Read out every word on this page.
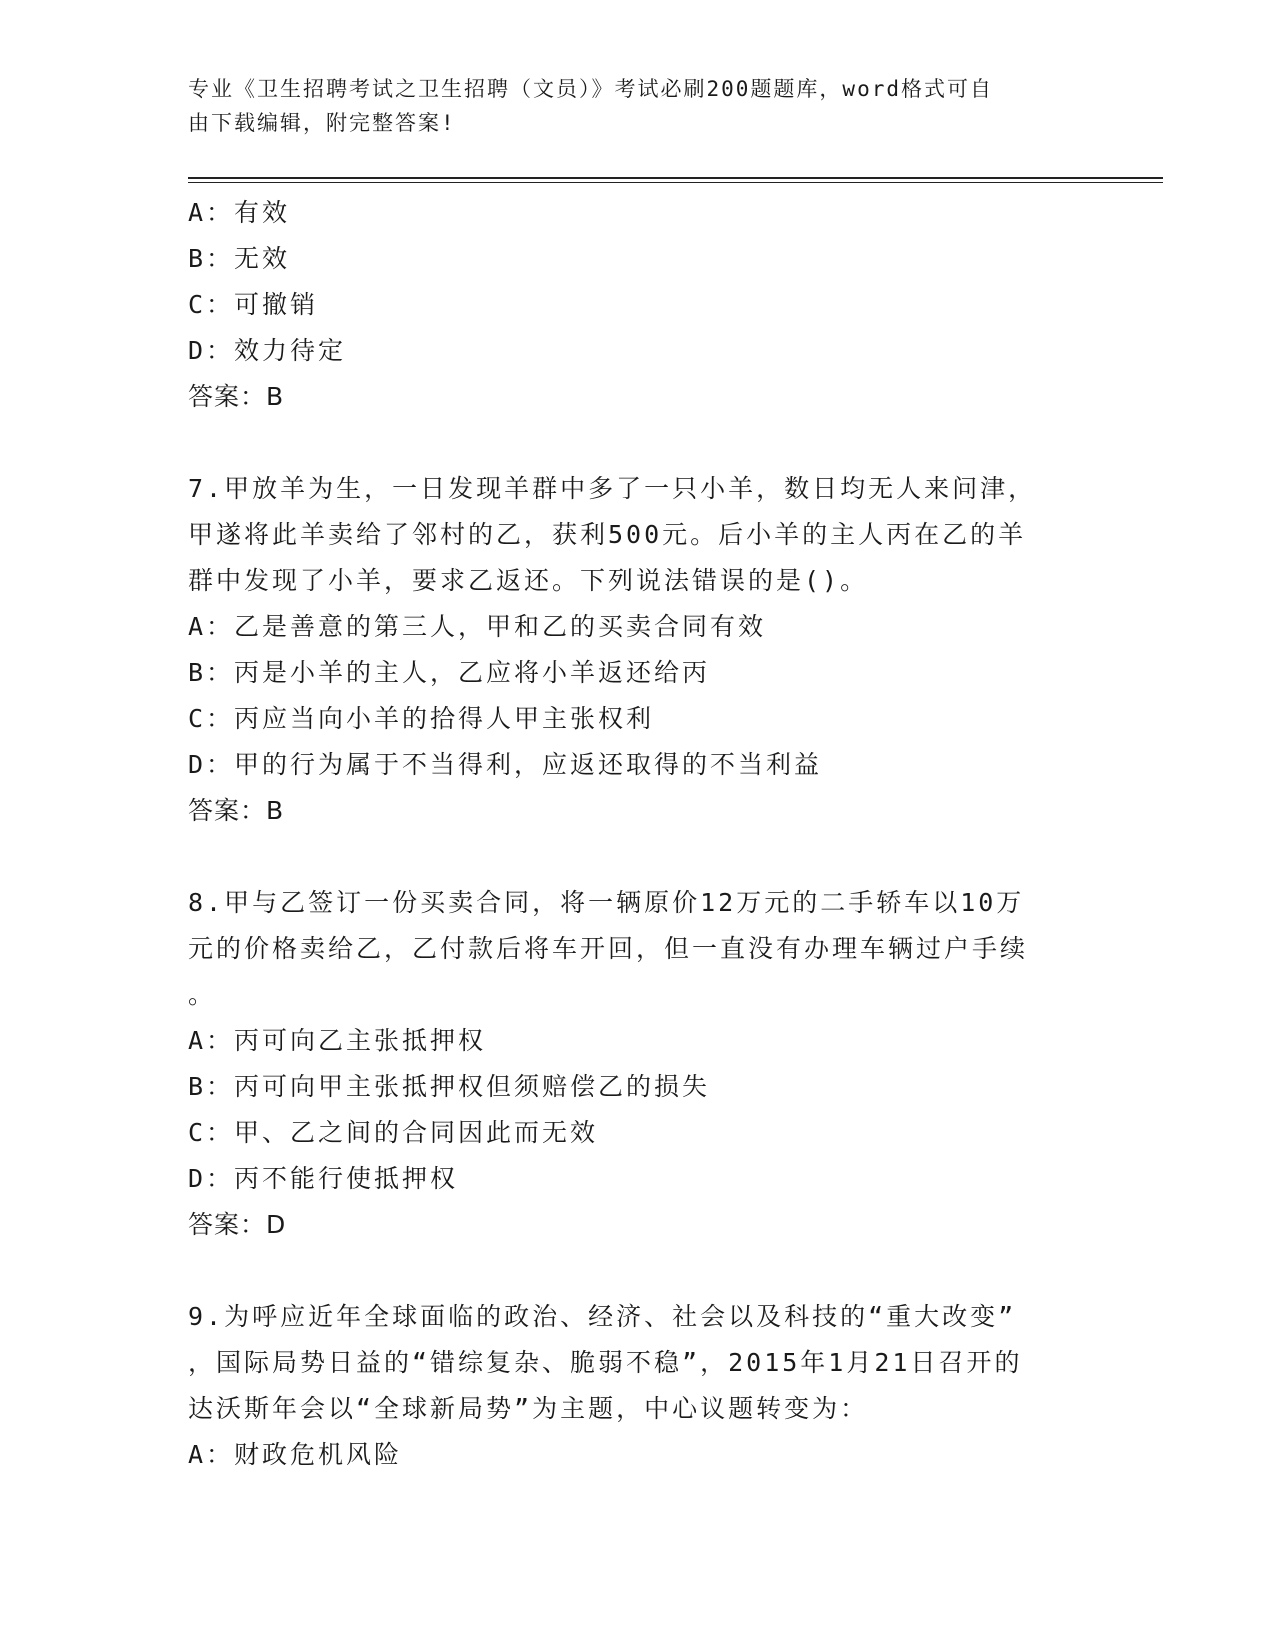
专业《卫生招聘考试之卫生招聘（文员）》考试必刷200题题库，word格式可自
由下载编辑，附完整答案!
A：有效
B：无效
C：可撤销
D：效力待定
答案：B
7.甲放羊为生，一日发现羊群中多了一只小羊，数日均无人来问津，
甲遂将此羊卖给了邻村的乙，获利500元。后小羊的主人丙在乙的羊
群中发现了小羊，要求乙返还。下列说法错误的是()。
A：乙是善意的第三人，甲和乙的买卖合同有效
B：丙是小羊的主人，乙应将小羊返还给丙
C：丙应当向小羊的拾得人甲主张权利
D：甲的行为属于不当得利，应返还取得的不当利益
答案：B
8.甲与乙签订一份买卖合同，将一辆原价12万元的二手轿车以10万
元的价格卖给乙，乙付款后将车开回，但一直没有办理车辆过户手续
。
A：丙可向乙主张抵押权
B：丙可向甲主张抵押权但须赔偿乙的损失
C：甲、乙之间的合同因此而无效
D：丙不能行使抵押权
答案：D
9.为呼应近年全球面临的政治、经济、社会以及科技的“重大改变”
，国际局势日益的“错综复杂、脆弱不稳”，2015年1月21日召开的
达沃斯年会以“全球新局势”为主题，中心议题转变为：
A：财政危机风险
